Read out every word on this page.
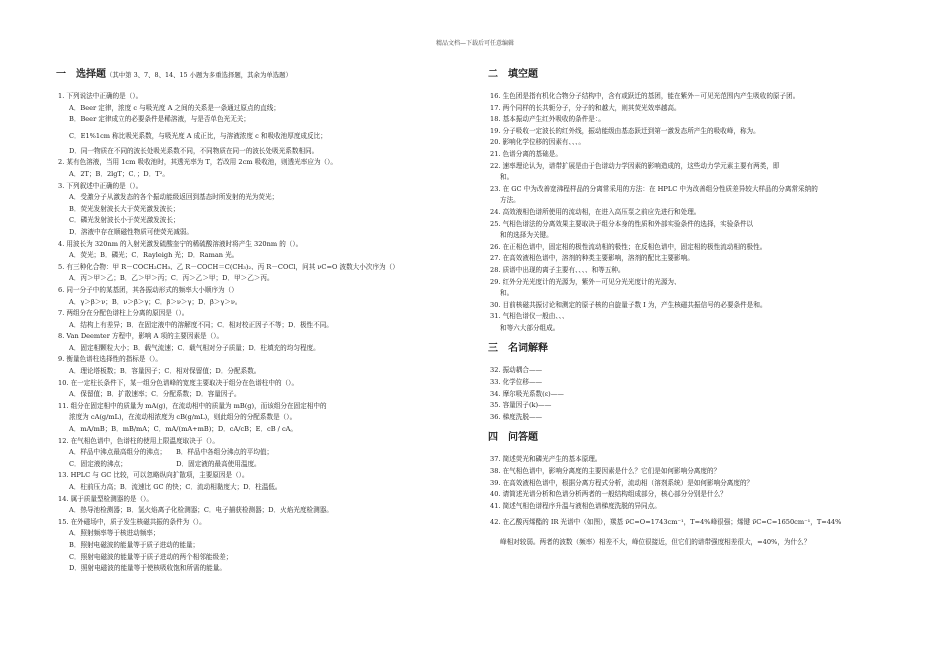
精品文档—下载后可任意编辑
一　选择题（其中第 3、7、8、14、15 小题为多重选择题，其余为单选题）
1. 下列说法中正确的是（）。
A．Beer 定律，浓度 c 与吸光度 A 之间的关系是一条通过原点的直线；
B．Beer 定律成立的必要条件是稀溶液，与是否单色光无关；
C．E1%1cm 称比吸光系数，与吸光度 A 成正比，与溶液浓度 c 和吸收池厚度成反比；
D．同一物质在不同的波长处吸光系数不同，不同物质在同一的波长处吸光系数相同。
2. 某有色溶液，当用 1cm 吸收池时，其透光率为 T，若改用 2cm 吸收池，则透光率应为（）。
A．2T；B．2lgT；C．；D．T²。
3. 下列叙述中正确的是（）。
A．受激分子从激发态的各个振动能级返回到基态时所发射的光为荧光；
B．荧光发射波长大于荧光激发波长；
C．磷光发射波长小于荧光激发波长；
D．溶液中存在顺磁性物质可使荧光减弱。
4. 用波长为 320nm 的入射光激发硫酸奎宁的稀硫酸溶液时将产生 320nm 的（）。
A．荧光；B．磷光；C．Rayleigh 光；D．Raman 光。
5. 有三种化合物：甲 R－COCH₂CH₃、乙 R－COCH＝C(CH₃)₂、丙 R－COCl，问其 νC=O 波数大小次序为（）
A．丙＞甲＞乙；B．乙＞甲＞丙；C．丙＞乙＞甲；D．甲＞乙＞丙。
6. 同一分子中的某基团，其各振动形式的频率大小顺序为（）
A．γ＞β＞ν；B．ν＞β＞γ；C．β＞ν＞γ；D．β＞γ＞ν。
7. 两组分在分配色谱柱上分离的原因是（）。
A．结构上有差异；B．在固定液中的溶解度不同；C．相对校正因子不等；D．极性不同。
8. Van Deemter 方程中，影响 A 项的主要因素是（）。
A．固定相颗粒大小；B．载气流速；C．载气相对分子质量；D．柱填充的均匀程度。
9. 衡量色谱柱选择性的指标是（）。
A．理论塔板数；B．容量因子；C．相对保留值；D．分配系数。
10. 在一定柱长条件下，某一组分色谱峰的宽度主要取决于组分在色谱柱中的（）。
A．保留值；B．扩散速率；C．分配系数；D．容量因子。
11. 组分在固定相中的质量为 mA(g)，在流动相中的质量为 mB(g)，而该组分在固定相中的
浓度为 cA(g/mL)，在流动相浓度为 cB(g/mL)，则此组分的分配系数是（）。
A．mA/mB；B．mB/mA；C．mA/(mA+mB)；D．cA/cB；E．cB / cA。
12. 在气相色谱中，色谱柱的使用上限温度取决于（）。
A．样品中沸点最高组分的沸点；　　B．样品中各组分沸点的平均值；
C．固定液的沸点；　　　　　　　　D．固定液的最高使用温度。
13. HPLC 与 GC 比较，可以忽略纵向扩散项，主要原因是（）。
A．柱前压力高；B．流速比 GC 的快；C．流动相黏度大；D．柱温低。
14. 属于质量型检测器的是（）。
A．热导池检测器；B．氢火焰离子化检测器；C．电子捕获检测器；D．火焰光度检测器。
15. 在外磁场中，质子发生核磁共振的条件为（）。
A．照射频率等于核进动频率；
B．照射电磁波的能量等于质子进动的能量；
C．照射电磁波的能量等于质子进动的两个相邻能级差；
D．照射电磁波的能量等于使核吸收饱和所需的能量。
二　填空题
16. 生色团是指有机化合物分子结构中，含有或跃迁的基团，能在紫外－可见光范围内产生吸收的原子团。
17. 两个同样的长共轭分子，分子的和越大，则其荧光效率越高。
18. 基本振动产生红外吸收的条件是：。
19. 分子吸收一定波长的红外线，振动能级由基态跃迁到第一激发态所产生的吸收峰，称为。
20. 影响化学位移的因素有、、、。
21. 色谱分离的基础是。
22. 速率理论认为，谱带扩展是由于色谱动力学因素的影响造成的，这些动力学元素主要有两类，即
和。
23. 在 GC 中为改善宽沸程样品的分离常采用的方法：在 HPLC 中为改善组分性质差异较大样品的分离常采纳的
方法。
24. 高效液相色谱所使用的流动相，在进入高压泵之前应先进行和处理。
25. 气相色谱法的分离效果主要取决于组分本身的性质和外部实验条件的选择，实验条件以
和的选择为关键。
26. 在正相色谱中，固定相的极性流动相的极性；在反相色谱中，固定相的极性流动相的极性。
27. 在高效液相色谱中，溶剂的种类主要影响，溶剂的配比主要影响。
28. 质谱中出现的离子主要有、、、、和等五种。
29. 红外分光光度计的光源为，紫外－可见分光光度计的光源为、
和。
30. 目前核磁共振讨论和测定的原子核的自旋量子数 I 为，产生核磁共振信号的必要条件是和。
31. 气相色谱仪一般由、、、
和等六大部分组成。
三　名词解释
32. 振动耦合——
33. 化学位移——
34. 摩尔吸光系数(ε)——
35. 容量因子(k)——
36. 梯度洗脱——
四　问答题
37. 简述荧光和磷光产生的基本原理。
38. 在气相色谱中，影响分离度的主要因素是什么？它们是如何影响分离度的？
39. 在高效液相色谱中，根据分离方程式分析，流动相（溶剂系统）是如何影响分离度的？
40. 请简述光谱分析和色谱分析两者的一般结构组成部分，核心部分分别是什么？
41. 简述气相色谱程序升温与液相色谱梯度洗脱的异同点。
42. 在乙酸丙烯酯的 IR 光谱中（如图），羰基 ν̃C=O=1743cm⁻¹，T=4%峰很强；烯键 ν̃C=C=1650cm⁻¹，T=44%
峰相对较弱。两者的波数（频率）相差不大，峰位很接近，但它们的谱带强度相差很大，=40%，为什么？
